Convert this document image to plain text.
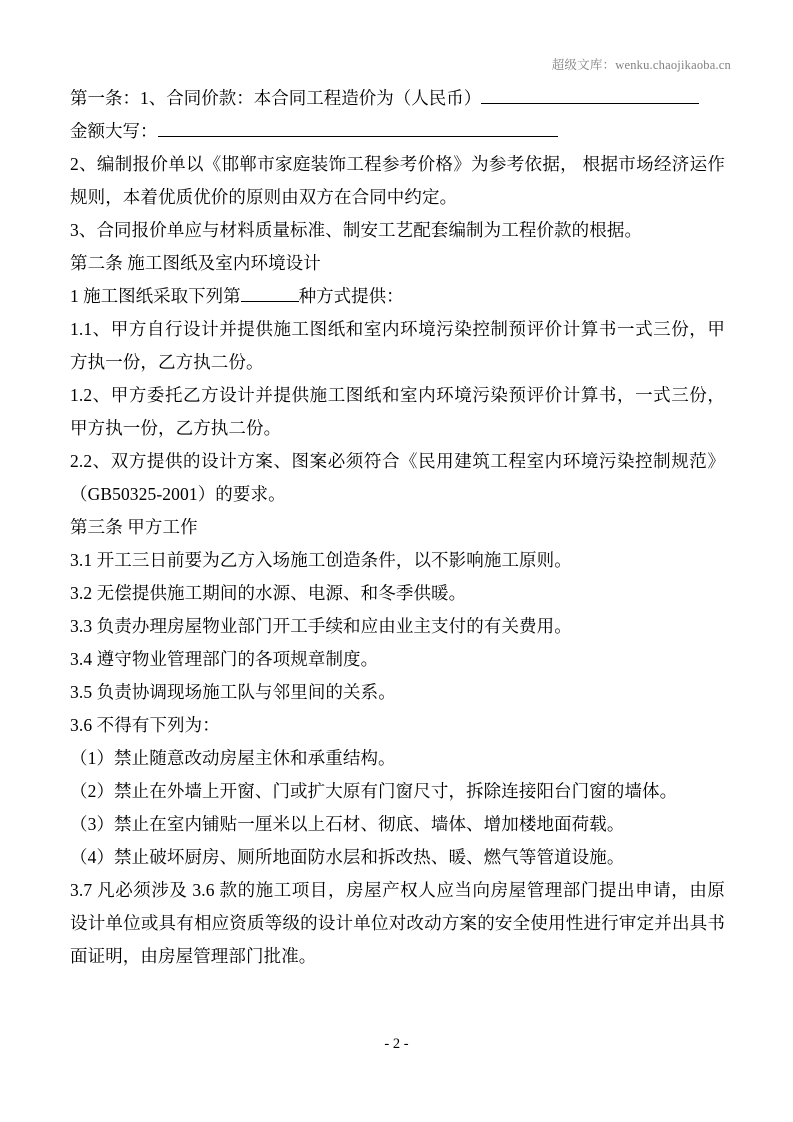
超级文库：wenku.chaojikaoba.cn
第一条：1、合同价款：本合同工程造价为（人民币）
金额大写：

2、编制报价单以《邯郸市家庭装饰工程参考价格》为参考依据， 根据市场经济运作规则，本着优质优价的原则由双方在合同中约定。

3、合同报价单应与材料质量标准、制安工艺配套编制为工程价款的根据。

第二条 施工图纸及室内环境设计

1 施工图纸采取下列第	种方式提供：

1.1、甲方自行设计并提供施工图纸和室内环境污染控制预评价计算书一式三份，甲方执一份，乙方执二份。

1.2、甲方委托乙方设计并提供施工图纸和室内环境污染预评价计算书，一式三份，甲方执一份，乙方执二份。

2.2、双方提供的设计方案、图案必须符合《民用建筑工程室内环境污染控制规范》（GB50325-2001）的要求。

第三条 甲方工作

3.1 开工三日前要为乙方入场施工创造条件，以不影响施工原则。

3.2 无偿提供施工期间的水源、电源、和冬季供暖。

3.3 负责办理房屋物业部门开工手续和应由业主支付的有关费用。

3.4 遵守物业管理部门的各项规章制度。

3.5 负责协调现场施工队与邻里间的关系。

3.6 不得有下列为：

（1）禁止随意改动房屋主休和承重结构。

（2）禁止在外墙上开窗、门或扩大原有门窗尺寸，拆除连接阳台门窗的墙体。

（3）禁止在室内铺贴一厘米以上石材、彻底、墙体、增加楼地面荷载。

（4）禁止破坏厨房、厕所地面防水层和拆改热、暖、燃气等管道设施。

3.7 凡必须涉及 3.6 款的施工项目，房屋产权人应当向房屋管理部门提出申请，由原设计单位或具有相应资质等级的设计单位对改动方案的安全使用性进行审定并出具书面证明，由房屋管理部门批准。

- 2 -
